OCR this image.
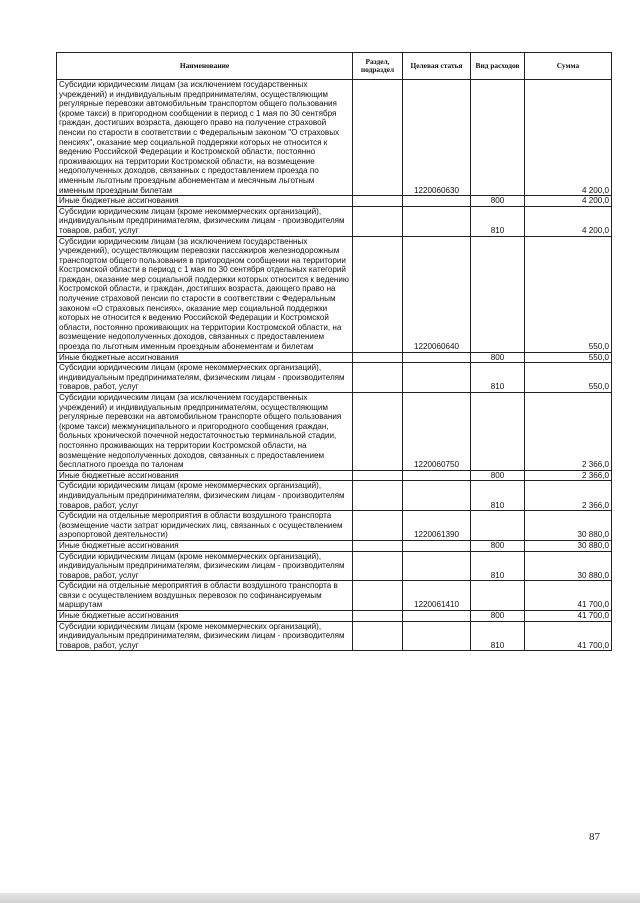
Наименование	Раздел, подраздел	Целевая статья	Вид расходов	Сумма
Субсидии юридическим лицам (за исключением государственных учреждений) и индивидуальным предпринимателям, осуществляющим регулярные перевозки автомобильным транспортом общего пользования (кроме такси) в пригородном сообщении в период с 1 мая по 30 сентября граждан, достигших возраста, дающего право на получение страховой пенсии по старости в соответствии с Федеральным законом "О страховых пенсиях", оказание мер социальной поддержки которых не относится к ведению Российской Федерации и Костромской области, постоянно проживающих на территории Костромской области, на возмещение недополученных доходов, связанных с предоставлением проезда по именным льготным проездным абонементам и месячным льготным именным проездным билетам		1220060630		4 200,0
Иные бюджетные ассигнования			800	4 200,0
Субсидии юридическим лицам (кроме некоммерческих организаций), индивидуальным предпринимателям, физическим лицам - производителям товаров, работ, услуг			810	4 200,0
Субсидии юридическим лицам (за исключением государственных учреждений), осуществляющим перевозки пассажиров железнодорожным транспортом общего пользования в пригородном сообщении на территории Костромской области в период с 1 мая по 30 сентября отдельных категорий граждан, оказание мер социальной поддержки которых относится к ведению Костромской области, и граждан, достигших возраста, дающего право на получение страховой пенсии по старости в соответствии с Федеральным законом «О страховых пенсиях», оказание мер социальной поддержки которых не относится к ведению Российской Федерации и Костромской области, постоянно проживающих на территории Костромской области, на возмещение недополученных доходов, связанных с предоставлением проезда по льготным именным проездным абонементам и билетам		1220060640		550,0
Иные бюджетные ассигнования			800	550,0
Субсидии юридическим лицам (кроме некоммерческих организаций), индивидуальным предпринимателям, физическим лицам - производителям товаров, работ, услуг			810	550,0
Субсидии юридическим лицам (за исключением государственных учреждений) и индивидуальным предпринимателям, осуществляющим регулярные перевозки на автомобильном транспорте общего пользования (кроме такси) межмуниципального и пригородного сообщения граждан, больных хронической почечной недостаточностью терминальной стадии, постоянно проживающих на территории Костромской области, на возмещение недополученных доходов, связанных с предоставлением бесплатного проезда по талонам		1220060750		2 366,0
Иные бюджетные ассигнования			800	2 366,0
Субсидии юридическим лицам (кроме некоммерческих организаций), индивидуальным предпринимателям, физическим лицам - производителям товаров, работ, услуг			810	2 366,0
Субсидии на отдельные мероприятия в области воздушного транспорта (возмещение части затрат юридических лиц, связанных с осуществлением аэропортовой деятельности)		1220061390		30 880,0
Иные бюджетные ассигнования			800	30 880,0
Субсидии юридическим лицам (кроме некоммерческих организаций), индивидуальным предпринимателям, физическим лицам - производителям товаров, работ, услуг			810	30 880,0
Субсидии на отдельные мероприятия в области воздушного транспорта в связи с осуществлением воздушных перевозок по софинансируемым маршрутам		1220061410		41 700,0
Иные бюджетные ассигнования			800	41 700,0
Субсидии юридическим лицам (кроме некоммерческих организаций), индивидуальным предпринимателям, физическим лицам - производителям товаров, работ, услуг			810	41 700,0
87
